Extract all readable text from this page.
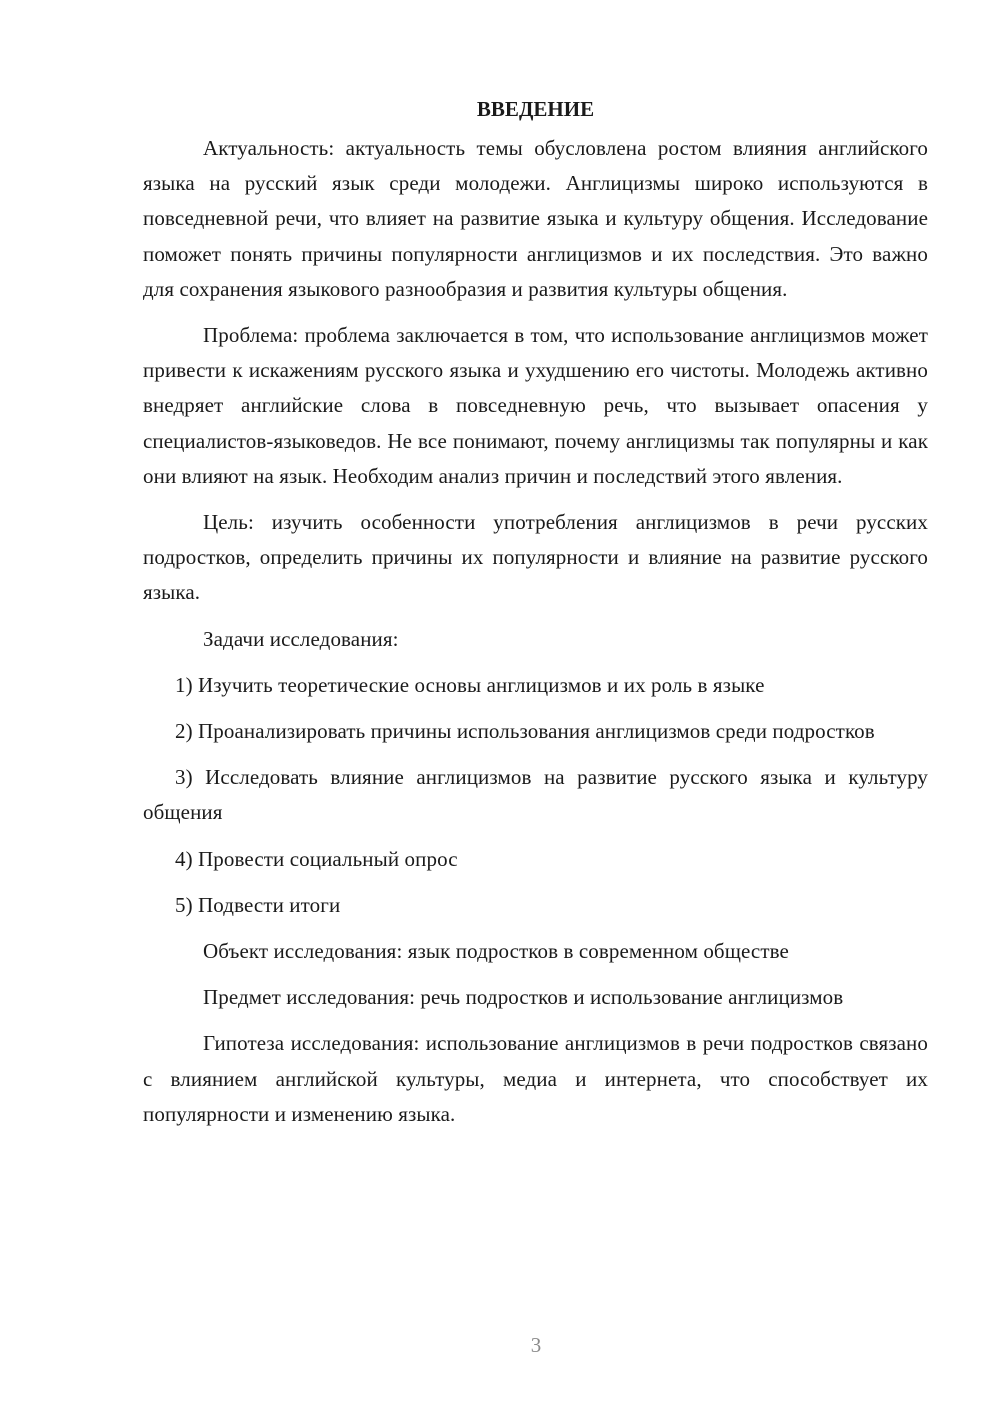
ВВЕДЕНИЕ

Актуальность: актуальность темы обусловлена ростом влияния английского языка на русский язык среди молодежи. Англицизмы широко используются в повседневной речи, что влияет на развитие языка и культуру общения. Исследование поможет понять причины популярности англицизмов и их последствия. Это важно для сохранения языкового разнообразия и развития культуры общения.

Проблема: проблема заключается в том, что использование англицизмов может привести к искажениям русского языка и ухудшению его чистоты. Молодежь активно внедряет английские слова в повседневную речь, что вызывает опасения у специалистов-языковедов. Не все понимают, почему англицизмы так популярны и как они влияют на язык. Необходим анализ причин и последствий этого явления.

Цель: изучить особенности употребления англицизмов в речи русских подростков, определить причины их популярности и влияние на развитие русского языка.

Задачи исследования:

1) Изучить теоретические основы англицизмов и их роль в языке

2) Проанализировать причины использования англицизмов среди подростков

3) Исследовать влияние англицизмов на развитие русского языка и культуру общения

4) Провести социальный опрос

5) Подвести итоги

Объект исследования: язык подростков в современном обществе

Предмет исследования: речь подростков и использование англицизмов

Гипотеза исследования: использование англицизмов в речи подростков связано с влиянием английской культуры, медиа и интернета, что способствует их популярности и изменению языка.

3
